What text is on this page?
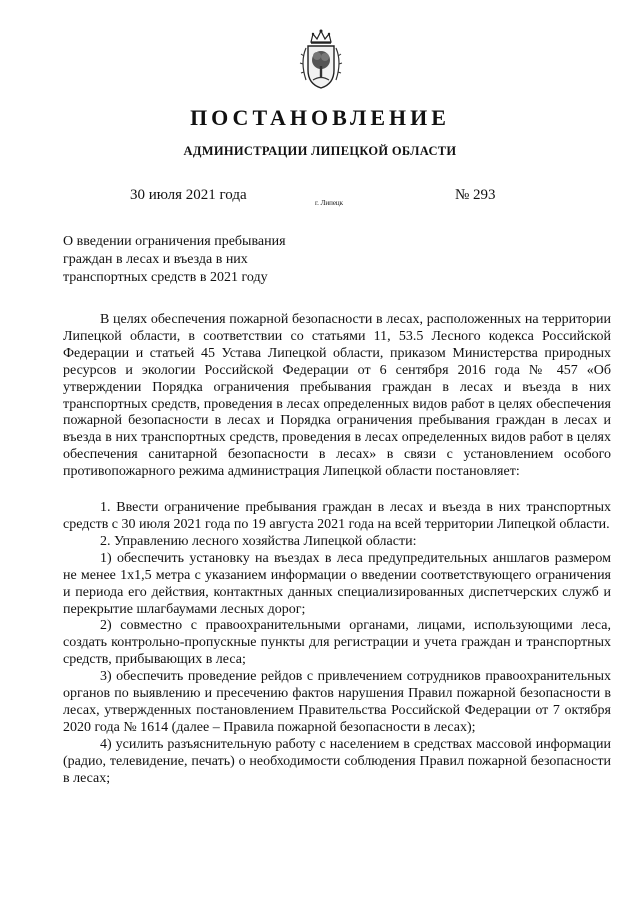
ПОСТАНОВЛЕНИЕ
АДМИНИСТРАЦИИ ЛИПЕЦКОЙ ОБЛАСТИ
30 июля 2021 года	г. Липецк	№ 293
О введении ограничения пребывания граждан в лесах и въезда в них транспортных средств в 2021 году

В целях обеспечения пожарной безопасности в лесах, расположенных на территории Липецкой области, в соответствии со статьями 11, 53.5 Лесного кодекса Российской Федерации и статьей 45 Устава Липецкой области, приказом Министерства природных ресурсов и экологии Российской Федерации от 6 сентября 2016 года № 457 «Об утверждении Порядка ограничения пребывания граждан в лесах и въезда в них транспортных средств, проведения в лесах определенных видов работ в целях обеспечения пожарной безопасности в лесах и Порядка ограничения пребывания граждан в лесах и въезда в них транспортных средств, проведения в лесах определенных видов работ в целях обеспечения санитарной безопасности в лесах» в связи с установлением особого противопожарного режима администрация Липецкой области постановляет:

1. Ввести ограничение пребывания граждан в лесах и въезда в них транспортных средств с 30 июля 2021 года по 19 августа 2021 года на всей территории Липецкой области.

2. Управлению лесного хозяйства Липецкой области:

1) обеспечить установку на въездах в леса предупредительных аншлагов размером не менее 1х1,5 метра с указанием информации о введении соответствующего ограничения и периода его действия, контактных данных специализированных диспетчерских служб и перекрытие шлагбаумами лесных дорог;

2) совместно с правоохранительными органами, лицами, использующими леса, создать контрольно-пропускные пункты для регистрации и учета граждан и транспортных средств, прибывающих в леса;

3) обеспечить проведение рейдов с привлечением сотрудников правоохранительных органов по выявлению и пресечению фактов нарушения Правил пожарной безопасности в лесах, утвержденных постановлением Правительства Российской Федерации от 7 октября 2020 года № 1614 (далее – Правила пожарной безопасности в лесах);

4) усилить разъяснительную работу с населением в средствах массовой информации (радио, телевидение, печать) о необходимости соблюдения Правил пожарной безопасности в лесах;
